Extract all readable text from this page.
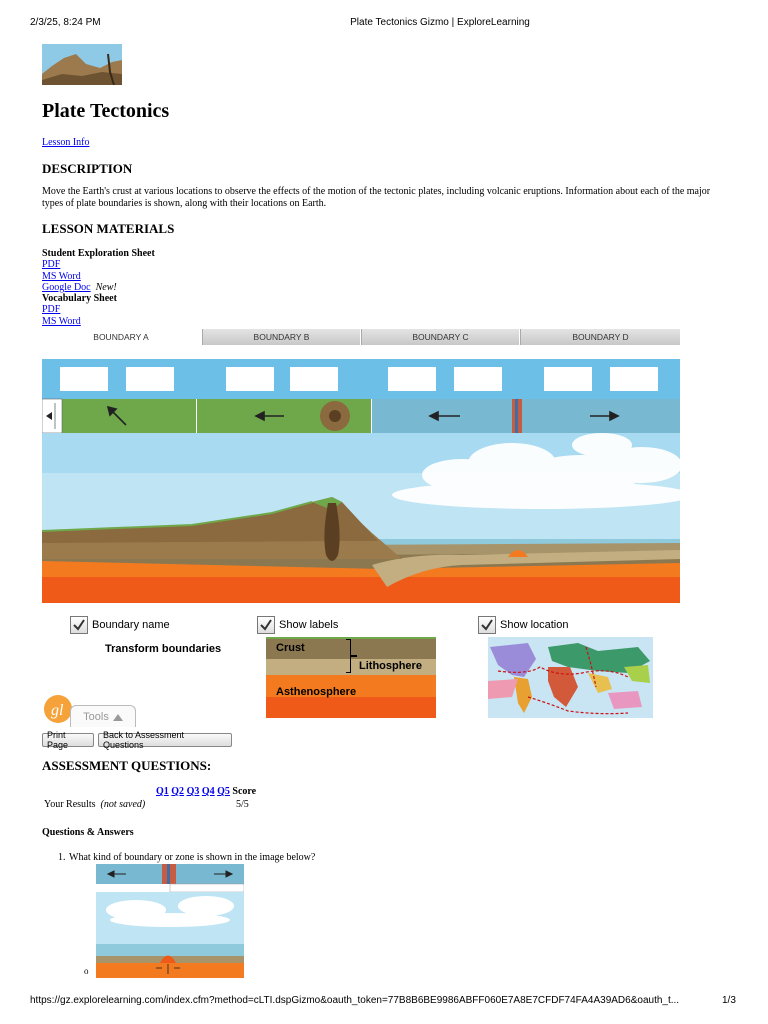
2/3/25, 8:24 PM	Plate Tectonics Gizmo | ExploreLearning
Plate Tectonics
Lesson Info
DESCRIPTION
Move the Earth's crust at various locations to observe the effects of the motion of the tectonic plates, including volcanic eruptions. Information about each of the major types of plate boundaries is shown, along with their locations on Earth.
LESSON MATERIALS
Student Exploration Sheet
PDF
MS Word
Google Doc New!
Vocabulary Sheet
PDF
MS Word
BOUNDARY A	BOUNDARY B	BOUNDARY C	BOUNDARY D
Boundary name	Show labels	Show location
Transform boundaries	Crust
Lithosphere
Asthenosphere
gl Tools
Print Page
Back to Assessment Questions
ASSESSMENT QUESTIONS:
	Q1 Q2 Q3 Q4 Q5 Score
Your Results (not saved)	5/5
Questions & Answers
1. What kind of boundary or zone is shown in the image below?
o
https://gz.explorelearning.com/index.cfm?method=cLTI.dspGizmo&oauth_token=77B8B6BE9986ABFF060E7A8E7CFDF74FA4A39AD6&oauth_t...	1/3
